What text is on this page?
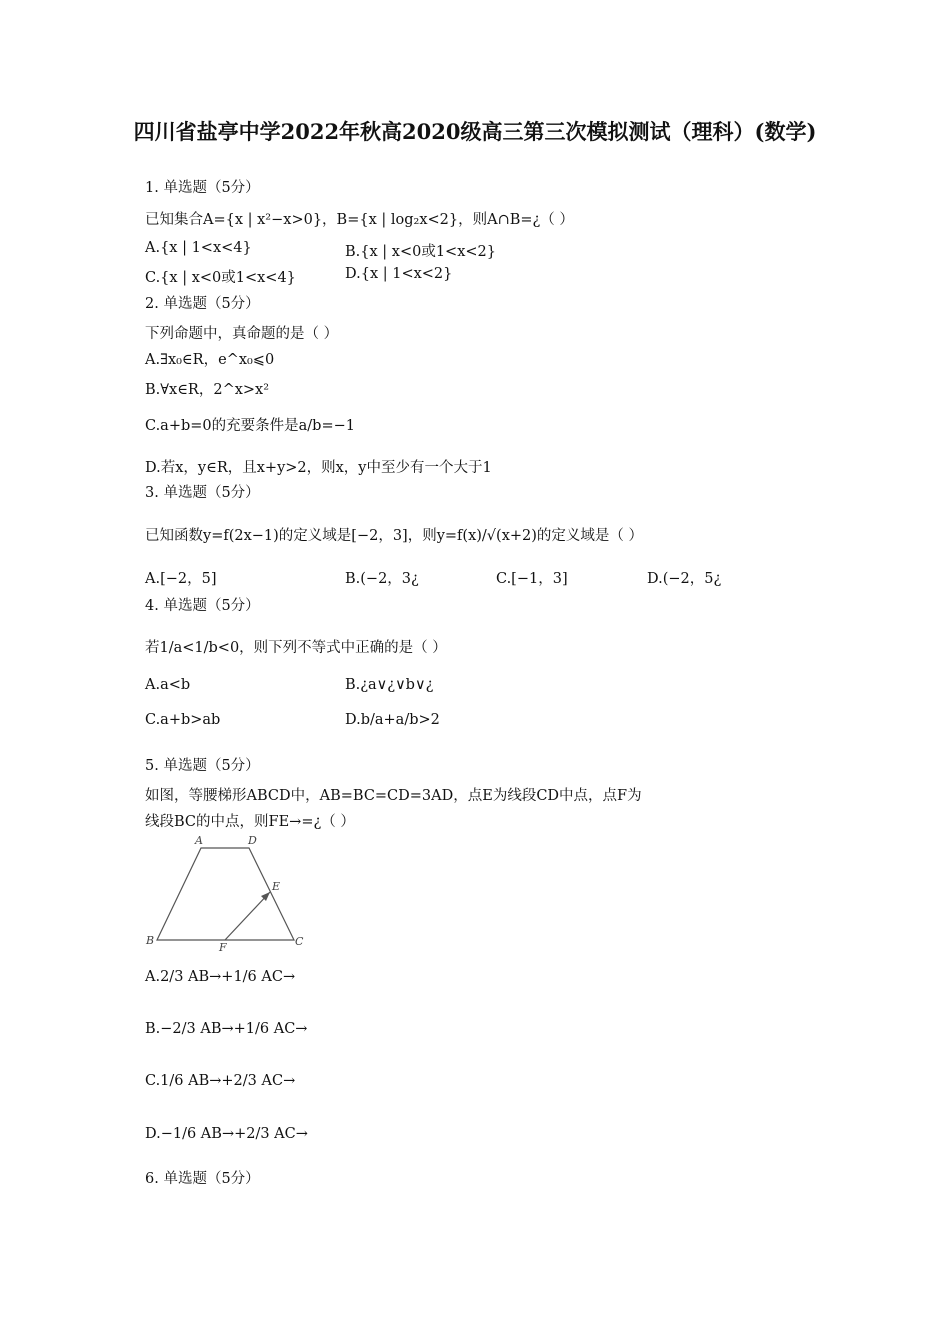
四川省盐亭中学2022年秋高2020级高三第三次模拟测试（理科）(数学)
1. 单选题（5分）
已知集合A={x | x²−x>0}，B={x | log₂x<2}，则A∩B=¿（ ）
A.{x | 1<x<4}	B.{x | x<0或1<x<2}
C.{x | x<0或1<x<4}	D.{x | 1<x<2}
2. 单选题（5分）
下列命题中，真命题的是（ ）
A.∃x₀∈R，e^x₀⩽0
B.∀x∈R，2^x>x²
C.a+b=0的充要条件是a/b=−1
D.若x，y∈R，且x+y>2，则x，y中至少有一个大于1
3. 单选题（5分）
已知函数y=f(2x−1)的定义域是[−2，3]，则y=f(x)/√(x+2)的定义域是（ ）
A.[−2，5]	B.(−2，3¿	C.[−1，3]	D.(−2，5¿
4. 单选题（5分）
若1/a<1/b<0，则下列不等式中正确的是（ ）
A.a<b	B.¿a∨¿∨b∨¿
C.a+b>ab	D.b/a+a/b>2
5. 单选题（5分）
如图，等腰梯形ABCD中，AB=BC=CD=3AD，点E为线段CD中点，点F为
线段BC的中点，则FE→=¿（ ）
A	D
E
B
F	C
A.2/3 AB→+1/6 AC→
B.−2/3 AB→+1/6 AC→
C.1/6 AB→+2/3 AC→
D.−1/6 AB→+2/3 AC→
6. 单选题（5分）
